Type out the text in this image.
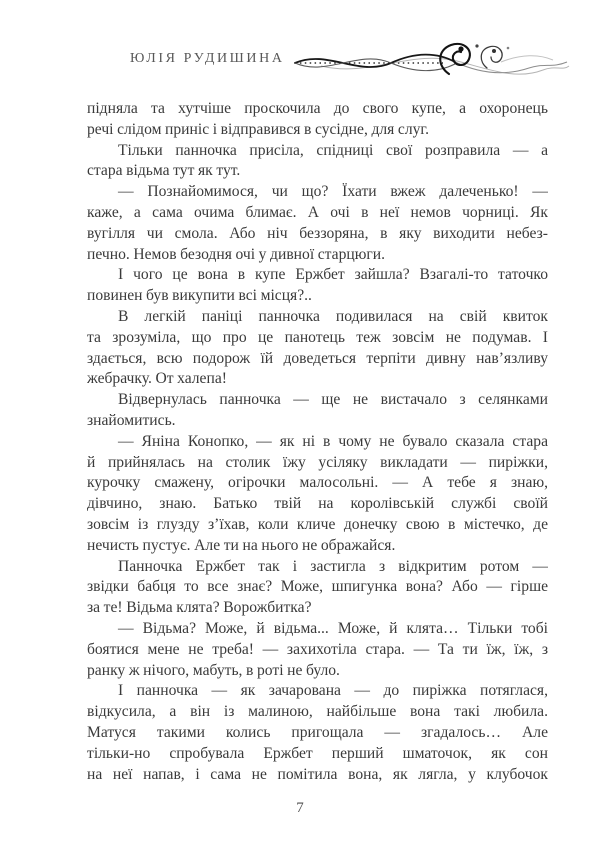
ЮЛІЯ РУДИШИНА
підняла та хутчіше проскочила до свого купе, а охоронець
речі слідом приніс і відправився в сусідне, для слуг.
Тільки панночка присіла, спідниці свої розправила — а
стара відьма тут як тут.
— Познайомимося, чи що? Їхати вжеж далеченько! —
каже, а сама очима блимає. А очі в неї немов чорниці. Як
вугілля чи смола. Або ніч беззоряна, в яку виходити небез-
печно. Немов безодня очі у дивної старцюги.
І чого це вона в купе Ержбет зайшла? Взагалі-то таточко
повинен був викупити всі місця?..
В легкій паніці панночка подивилася на свій квиток
та зрозуміла, що про це панотець теж зовсім не подумав. І
здається, всю подорож їй доведеться терпіти дивну нав’язливу
жебрачку. От халепа!
Відвернулась панночка — ще не вистачало з селянками
знайомитись.
— Яніна Конопко, — як ні в чому не бувало сказала стара
й прийнялась на столик їжу усіляку викладати — пиріжки,
курочку смажену, огірочки малосольні. — А тебе я знаю,
дівчино, знаю. Батько твій на королівській службі своїй
зовсім із глузду з’їхав, коли кличе донечку свою в містечко, де
нечисть пустує. Але ти на нього не ображайся.
Панночка Ержбет так і застигла з відкритим ротом —
звідки бабця то все знає? Може, шпигунка вона? Або — гірше
за те! Відьма клята? Ворожбитка?
— Відьма? Може, й відьма... Може, й клята… Тільки тобі
боятися мене не треба! — захихотіла стара. — Та ти їж, їж, з
ранку ж нічого, мабуть, в роті не було.
І панночка — як зачарована — до пиріжка потяглася,
відкусила, а він із малиною, найбільше вона такі любила.
Матуся такими колись пригощала — згадалось… Але
тільки-но спробувала Ержбет перший шматочок, як сон
на неї напав, і сама не помітила вона, як лягла, у клубочок
7
